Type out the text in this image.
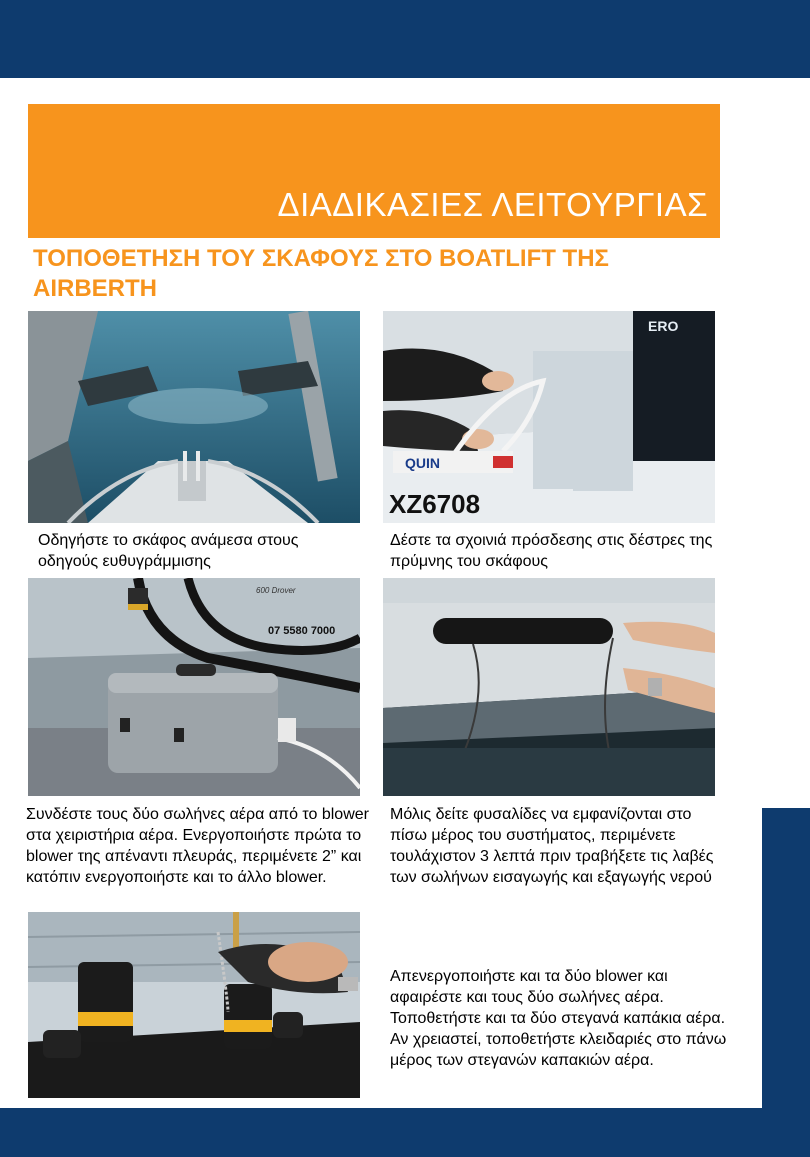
ΔΙΑΔΙΚΑΣΙΕΣ ΛΕΙΤΟΥΡΓΙΑΣ
ΤΟΠΟΘΕΤΗΣΗ ΤΟΥ ΣΚΑΦΟΥΣ ΣΤΟ BOATLIFT ΤΗΣ AIRBERTH
ERO
QUIN
XZ6708
Οδηγήστε το σκάφος ανάμεσα στους οδηγούς ευθυγράμμισης
Δέστε τα σχοινιά πρόσδεσης στις δέστρες της πρύμνης του σκάφους
600 Drover
07 5580 7000
Συνδέστε τους δύο σωλήνες αέρα από το blower στα χειριστήρια αέρα. Ενεργοποιήστε πρώτα το blower της απέναντι πλευράς, περιμένετε 2” και κατόπιν ενεργοποιήστε και το άλλο blower.
Μόλις δείτε φυσαλίδες να εμφανίζονται στο πίσω μέρος του συστήματος, περιμένετε τουλάχιστον 3 λεπτά πριν τραβήξετε τις λαβές των σωλήνων εισαγωγής και εξαγωγής νερού
Απενεργοποιήστε και τα δύο blower και αφαιρέστε και τους δύο σωλήνες αέρα. Τοποθετήστε και τα δύο στεγανά καπάκια αέρα. Αν χρειαστεί, τοποθετήστε κλειδαριές στο πάνω μέρος των στεγανών καπακιών αέρα.
